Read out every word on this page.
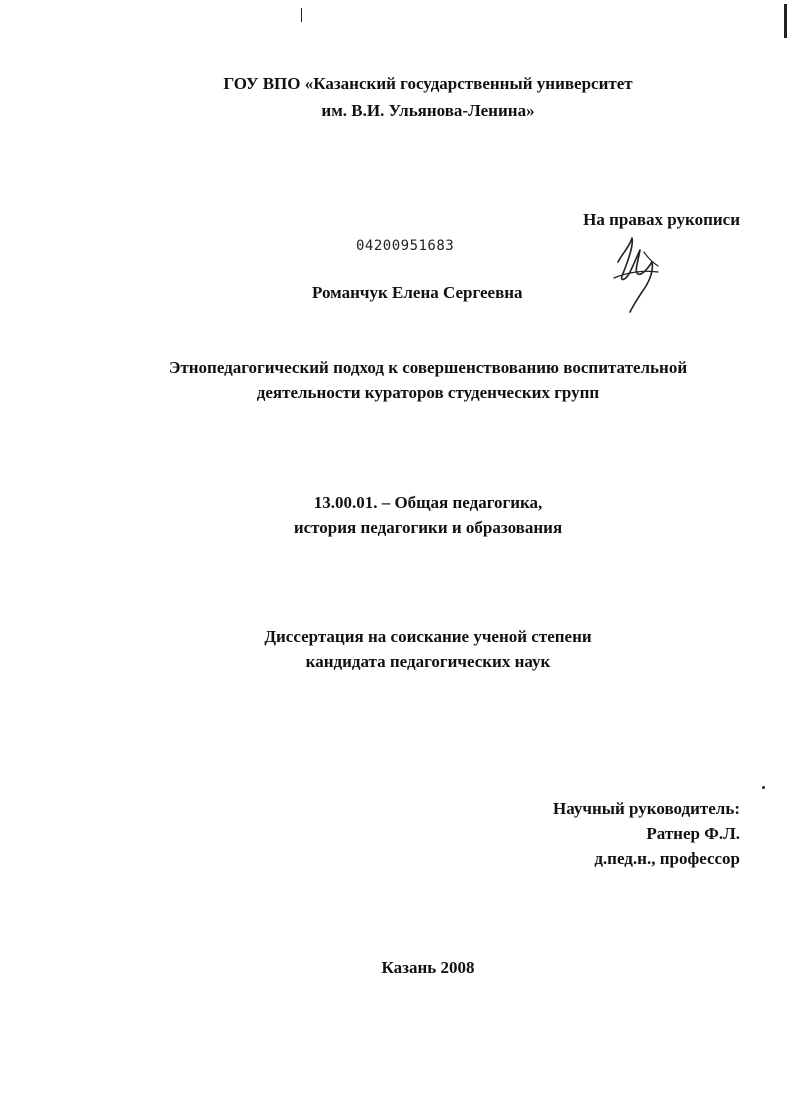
ГОУ ВПО «Казанский государственный университет
им. В.И. Ульянова-Ленина»
На правах рукописи
04200951683
Романчук Елена Сергеевна
Этнопедагогический подход к совершенствованию воспитательной
деятельности кураторов студенческих групп
13.00.01. – Общая педагогика,
история педагогики и образования
Диссертация на соискание ученой степени
кандидата педагогических наук
Научный руководитель:
Ратнер Ф.Л.
д.пед.н., профессор
Казань 2008
